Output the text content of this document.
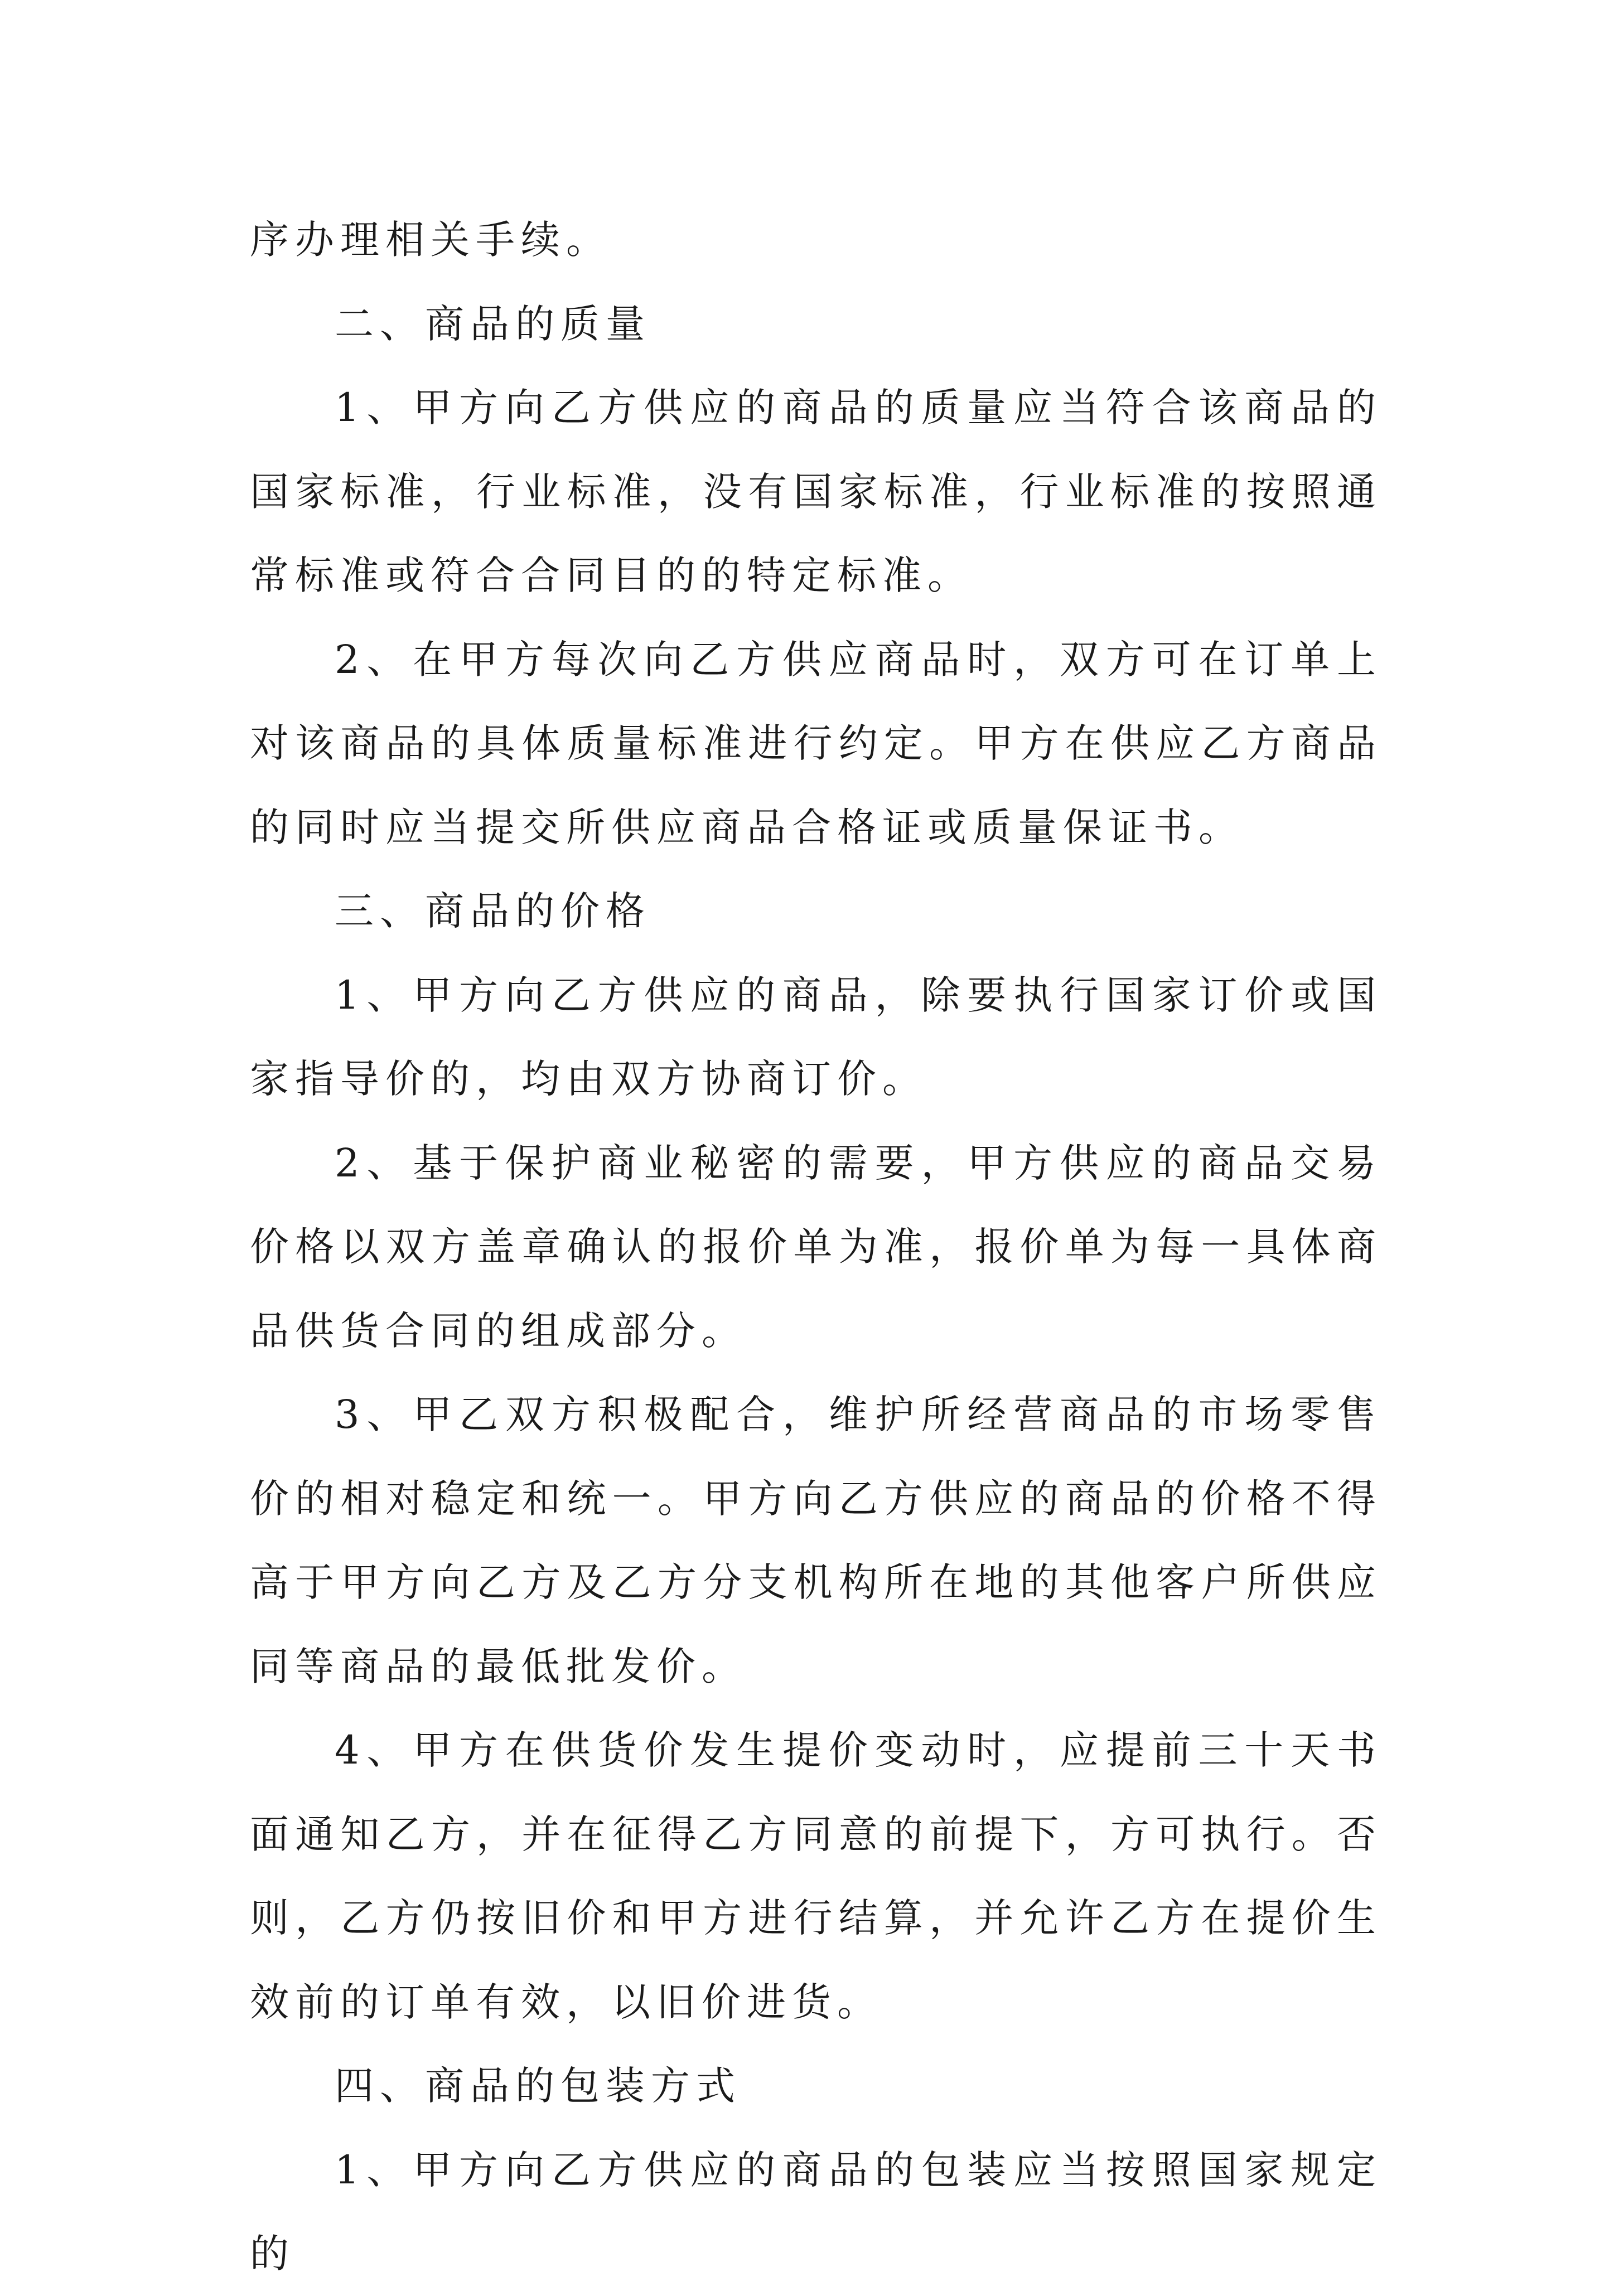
序办理相关手续。

二、商品的质量

1、甲方向乙方供应的商品的质量应当符合该商品的国家标准，行业标准，没有国家标准，行业标准的按照通常标准或符合合同目的的特定标准。

2、在甲方每次向乙方供应商品时，双方可在订单上对该商品的具体质量标准进行约定。甲方在供应乙方商品的同时应当提交所供应商品合格证或质量保证书。

三、商品的价格

1、甲方向乙方供应的商品，除要执行国家订价或国家指导价的，均由双方协商订价。

2、基于保护商业秘密的需要，甲方供应的商品交易价格以双方盖章确认的报价单为准，报价单为每一具体商品供货合同的组成部分。

3、甲乙双方积极配合，维护所经营商品的市场零售价的相对稳定和统一。甲方向乙方供应的商品的价格不得高于甲方向乙方及乙方分支机构所在地的其他客户所供应同等商品的最低批发价。

4、甲方在供货价发生提价变动时，应提前三十天书面通知乙方，并在征得乙方同意的前提下，方可执行。否则，乙方仍按旧价和甲方进行结算，并允许乙方在提价生效前的订单有效，以旧价进货。

四、商品的包装方式

1、甲方向乙方供应的商品的包装应当按照国家规定的
